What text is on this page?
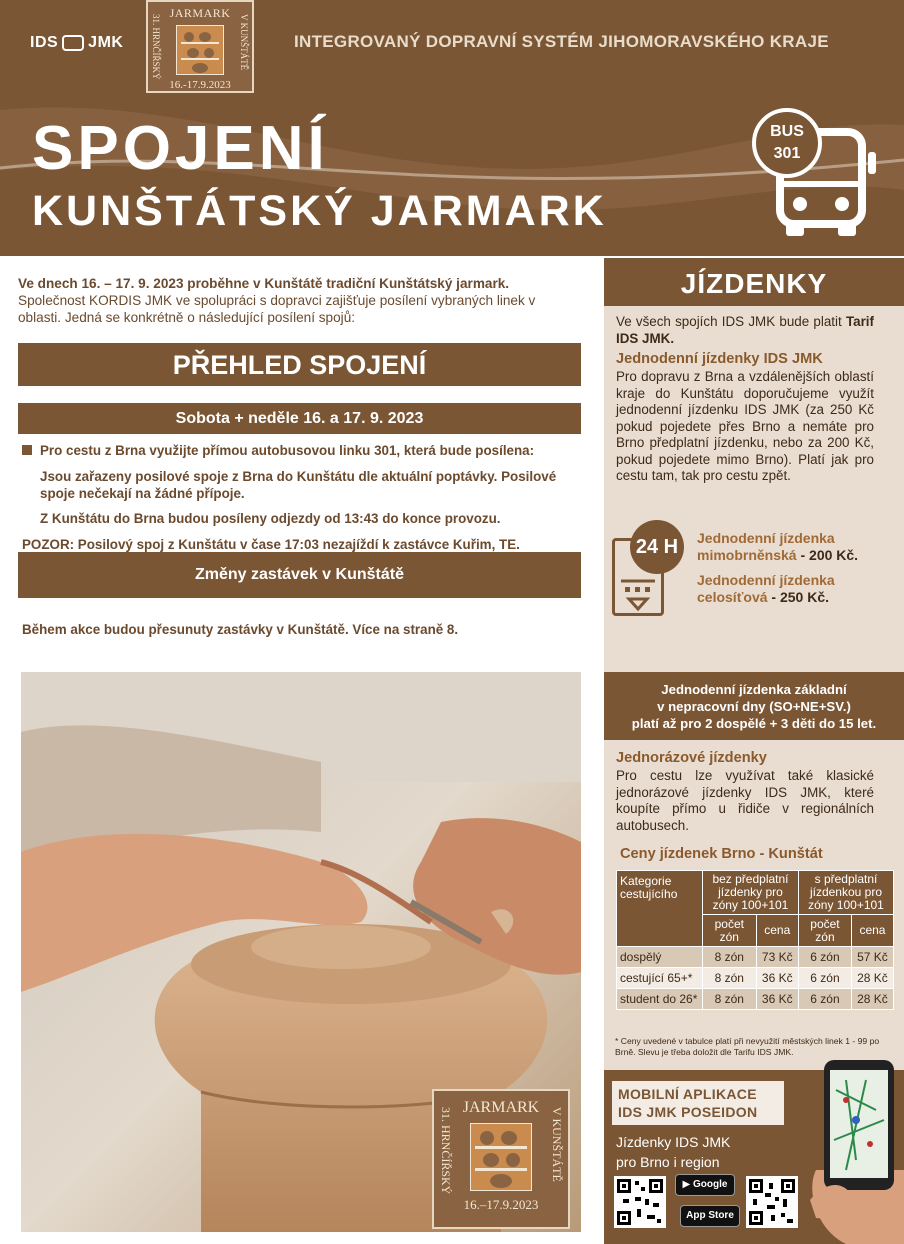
IDS JMK
JARMARK
16.-17.9.2023
31. HRNČÍŘSKÝ	V KUNŠTÁTĚ	INTEGROVANÝ DOPRAVNÍ SYSTÉM JIHOMORAVSKÉHO KRAJE
SPOJENÍ
KUNŠTÁTSKÝ JARMARK
BUS
301
Ve dnech 16. – 17. 9. 2023 proběhne v Kunštátě tradiční Kunštátský jarmark. Společnost KORDIS JMK ve spolupráci s dopravci zajišťuje posílení vybraných linek v oblasti. Jedná se konkrétně o následující posílení spojů:
PŘEHLED SPOJENÍ
Sobota + neděle 16. a 17. 9. 2023
Pro cestu z Brna využijte přímou autobusovou linku 301, která bude posílena:
Jsou zařazeny posilové spoje z Brna do Kunštátu dle aktuální poptávky. Posilové spoje nečekají na žádné přípoje.
Z Kunštátu do Brna budou posíleny odjezdy od 13:43 do konce provozu.
POZOR: Posilový spoj z Kunštátu v čase 17:03 nezajíždí k zastávce Kuřim, TE.
Změny zastávek v Kunštátě
Během akce budou přesunuty zastávky v Kunštátě. Více na straně 8.
JARMARK
16.–17.9.2023
31. HRNČÍŘSKÝ	V KUNŠTÁTĚ
JÍZDENKY
Ve všech spojích IDS JMK bude platit Tarif IDS JMK.
Jednodenní jízdenky IDS JMK
Pro dopravu z Brna a vzdálenějších oblastí kraje do Kunštátu doporučujeme využít jednodenní jízdenku IDS JMK (za 250 Kč pokud pojedete přes Brno a nemáte pro Brno předplatní jízdenku, nebo za 200 Kč, pokud pojedete mimo Brno). Platí jak pro cestu tam, tak pro cestu zpět.
24 H	Jednodenní jízdenka
mimobrněnská - 200 Kč.
Jednodenní jízdenka
celosíťová - 250 Kč.
Jednodenní jízdenka základní
v nepracovní dny (SO+NE+SV.)
platí až pro 2 dospělé + 3 děti do 15 let.
Jednorázové jízdenky
Pro cestu lze využívat také klasické jednorázové jízdenky IDS JMK, které koupíte přímo u řidiče v regionálních autobusech.
Ceny jízdenek Brno - Kunštát
Kategorie cestujícího	bez předplatní jízdenky pro zóny 100+101		s předplatní jízdenkou pro zóny 100+101	
	počet zón	cena	počet zón	cena
dospělý	8 zón	73 Kč	6 zón	57 Kč
cestující 65+*	8 zón	36 Kč	6 zón	28 Kč
student do 26*	8 zón	36 Kč	6 zón	28 Kč
* Ceny uvedené v tabulce platí při nevyužití městských linek 1 - 99 po Brně. Slevu je třeba doložit dle Tarifu IDS JMK.
MOBILNÍ APLIKACE
IDS JMK POSEIDON
Jízdenky IDS JMK
pro Brno i region
▶ Google
App Store
